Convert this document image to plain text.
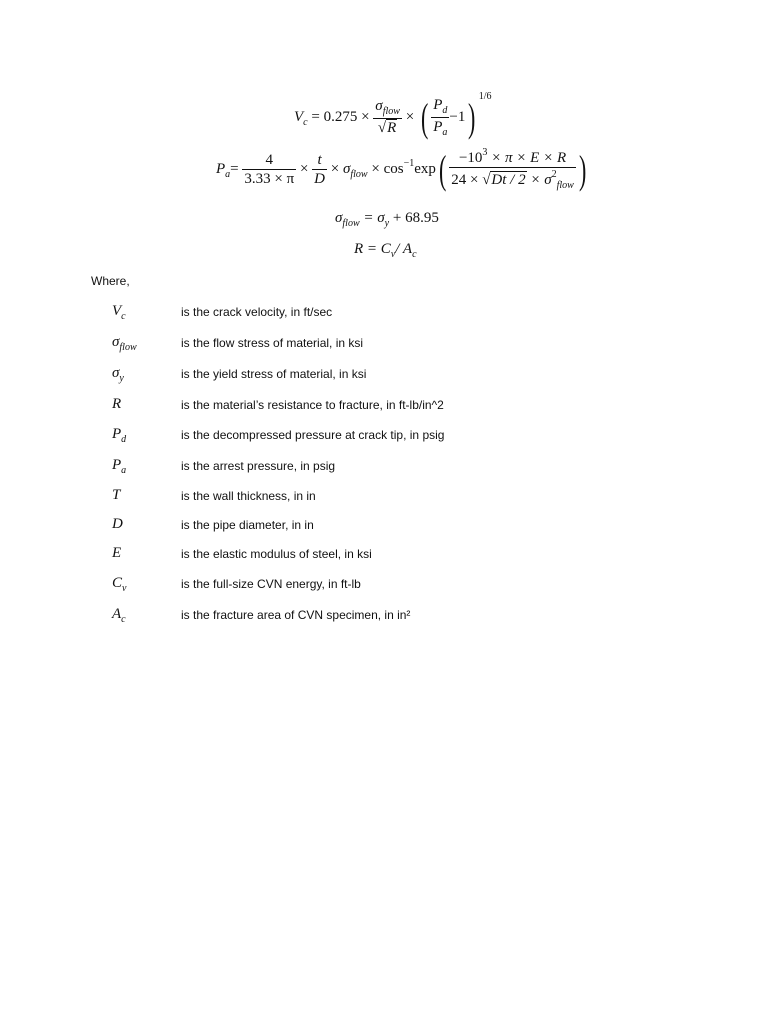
$V_c = 0.275 \times \frac{\sigma_{flow}}{√R}$ × ( $\frac{P_d}{P_a} -1$) $^{1/6}$
$P_a= \frac{4}{3.33 \times \pi} \times \frac{t}{D} \times \sigma_{flow} \times \cos^{-1}\exp( \frac{-10^3 \times \pi \times E \times R}{24 \times √Dt / 2 \times \sigma^2_{flow}}$ )
$\sigma_{flow} = \sigma_y + 68.95$
$R = C_v/$ $A_c$
Where,
$V_c$	is the crack velocity, in ft/sec
$\sigma_{flow}$	is the flow stress of material, in ksi
$\sigma_y$	is the yield stress of material, in ksi
R	is the material’s resistance to fracture, in ft-lb/in^2
$P_d$	is the decompressed pressure at crack tip, in psig
$P_a$	is the arrest pressure, in psig
T	is the wall thickness, in in
D	is the pipe diameter, in in
E	is the elastic modulus of steel, in ksi
$C_v$	is the full-size CVN energy, in ft-lb
$A_c$	is the fracture area of CVN specimen, in in²
